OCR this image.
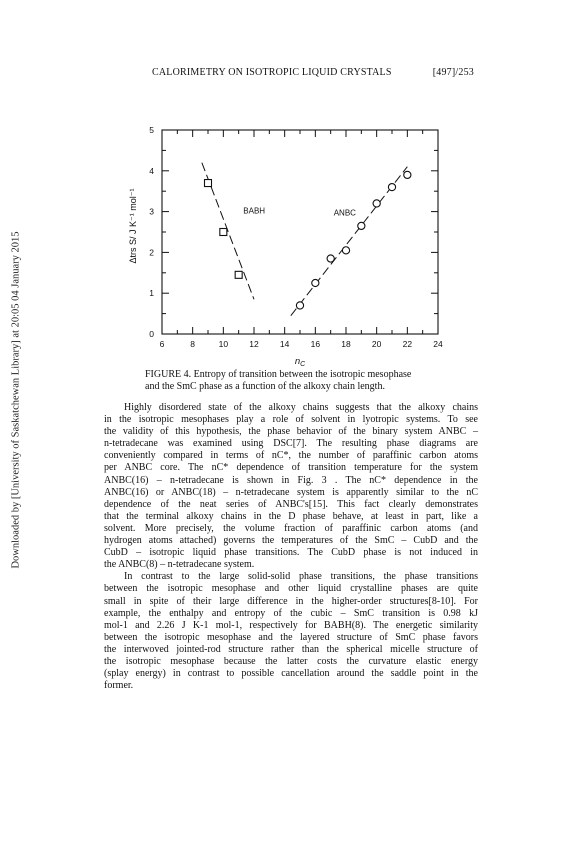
Downloaded by [University of Saskatchewan Library] at 20:05 04 January 2015
CALORIMETRY ON ISOTROPIC LIQUID CRYSTALS	[497]/253
6	8	10 12 14 16 18 20 22 24
0
1
2
3
4
5
$n_C$
Δtrs S/ J K⁻¹ mol⁻¹	BABH	ANBC
FIGURE 4. Entropy of transition between the isotropic mesophase
and the SmC phase as a function of the alkoxy chain length.

Highly disordered state of the alkoxy chains suggests that the alkoxy chains
in the isotropic mesophases play a role of solvent in lyotropic systems. To see
the validity of this hypothesis, the phase behavior of the binary system ANBC –
n-tetradecane was examined using DSC[7]. The resulting phase diagrams are
conveniently compared in terms of nC*, the number of paraffinic carbon atoms
per ANBC core. The nC* dependence of transition temperature for the system
ANBC(16) – n-tetradecane is shown in Fig. 3 . The nC* dependence in the
ANBC(16) or ANBC(18) – n-tetradecane system is apparently similar to the nC
dependence of the neat series of ANBC's[15]. This fact clearly demonstrates
that the terminal alkoxy chains in the D phase behave, at least in part, like a
solvent. More precisely, the volume fraction of paraffinic carbon atoms (and
hydrogen atoms attached) governs the temperatures of the SmC – CubD and the
CubD – isotropic liquid phase transitions. The CubD phase is not induced in
the ANBC(8) – n-tetradecane system.

In contrast to the large solid-solid phase transitions, the phase transitions
between the isotropic mesophase and other liquid crystalline phases are quite
small in spite of their large difference in the higher-order structures[8-10]. For
example, the enthalpy and entropy of the cubic – SmC transition is 0.98 kJ
mol-1 and 2.26 J K-1 mol-1, respectively for BABH(8). The energetic similarity
between the isotropic mesophase and the layered structure of SmC phase favors
the interwoved jointed-rod structure rather than the spherical micelle structure of
the isotropic mesophase because the latter costs the curvature elastic energy
(splay energy) in contrast to possible cancellation around the saddle point in the
former.
